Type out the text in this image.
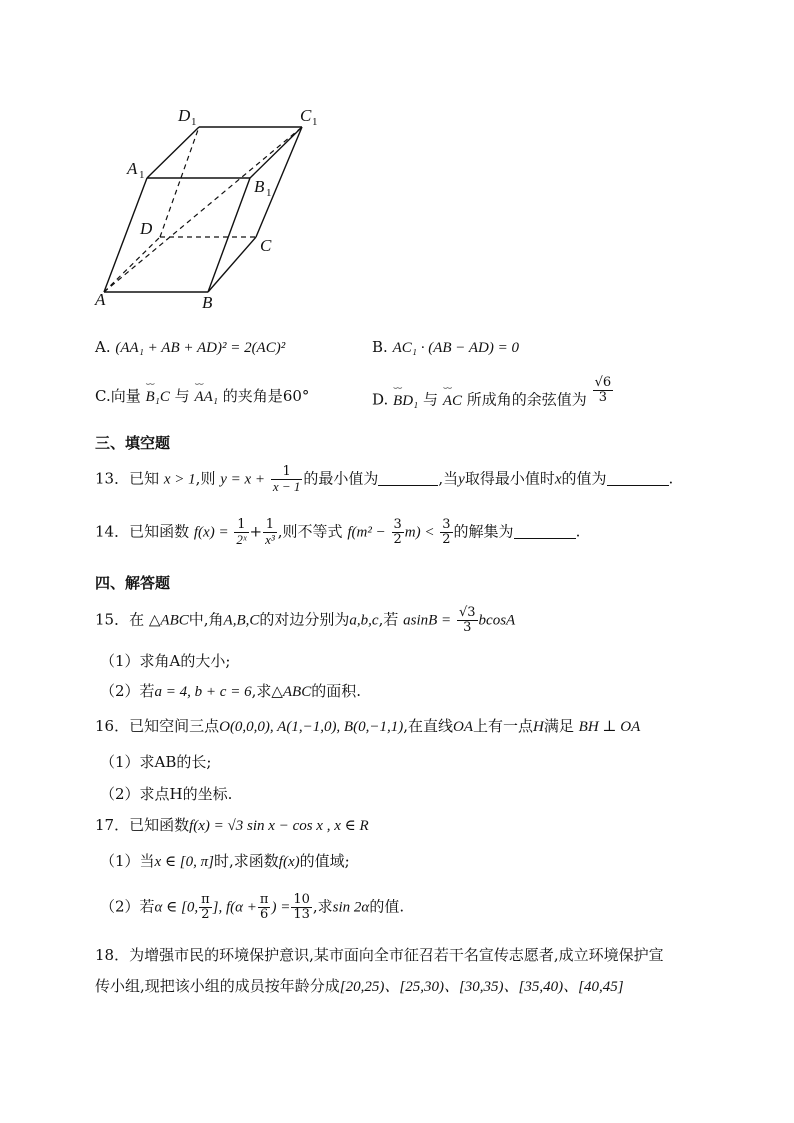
D 1	C 1
A 1
B 1
D
C
A	B
A. (AA₁ + AB + AD)² = 2(AC)²	B. AC₁ · (AB − AD) = 0
C.向量 ⌣⌣ B₁C 与 ⌣⌣ AA₁ 的夹角是60°	D. ⌣⌣ BD₁ 与 ⌣⌣ AC 所成角的余弦值为 $\frac{√6}{3}$
三、填空题
13．已知 x > 1,则 $y = x + \frac{1}{x - 1}$ 的最小值为	,当y取得最小值时x的值为	.
14．已知函数 $f(x) = \frac{1}{\text{2ˣ}} + \frac{1}{\text{x³}}$ ,则不等式 $f(m^2 - \frac{3}{2} m) < \frac{3}{2}$ 的解集为	.
四、解答题
15．在 △ABC中,角A,B,C的对边分别为a,b,c,若 $asinB = \frac{√3}{3}$ bcosA
（1）求角A的大小;
（2）若a = 4, b + c = 6,求△ABC的面积.
16．已知空间三点O(0,0,0), A(1,−1,0), B(0,−1,1),在直线OA上有一点H满足 BH ⊥ OA
（1）求AB的长;
（2）求点H的坐标.
17．已知函数f(x) = √3 sin x − cos x , x ∈ R
（1）当x ∈ [0, π]时,求函数f(x)的值域;
（2）若α ∈ [0, $\frac{\pi}{2}$ ], $f(\alpha + \frac{\pi}{6}$ ) = $\frac{10}{13}$ ,求sin 2α的值.
18．为增强市民的环境保护意识,某市面向全市征召若干名宣传志愿者,成立环境保护宣
传小组,现把该小组的成员按年龄分成[20,25)、[25,30)、[30,35)、[35,40)、[40,45]
